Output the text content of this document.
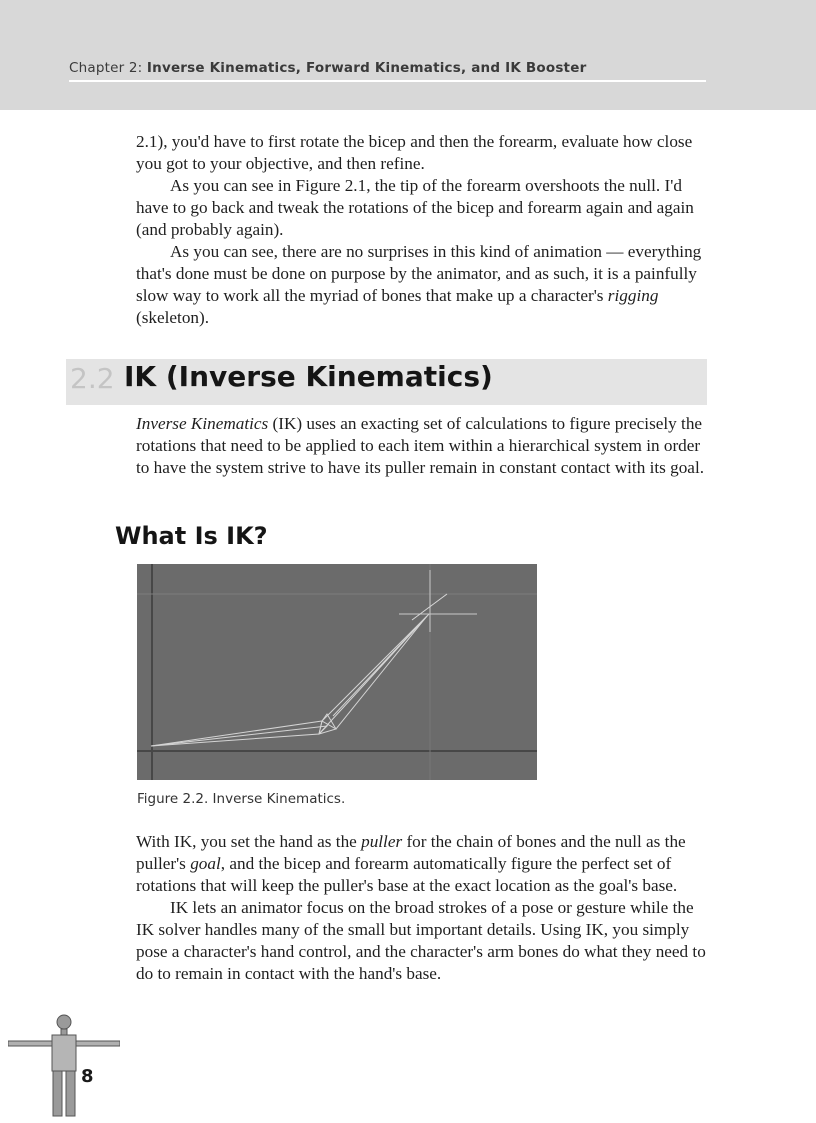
Chapter 2: Inverse Kinematics, Forward Kinematics, and IK Booster

2.1), you'd have to first rotate the bicep and then the forearm, evaluate how close you got to your objective, and then refine.

As you can see in Figure 2.1, the tip of the forearm overshoots the null. I'd have to go back and tweak the rotations of the bicep and forearm again and again (and probably again).

As you can see, there are no surprises in this kind of animation — everything that's done must be done on purpose by the animator, and as such, it is a painfully slow way to work all the myriad of bones that make up a character's rigging (skeleton).

2.2 IK (Inverse Kinematics)

Inverse Kinematics (IK) uses an exacting set of calculations to figure precisely the rotations that need to be applied to each item within a hierarchical system in order to have the system strive to have its puller remain in constant contact with its goal.

What Is IK?
Figure 2.2. Inverse Kinematics.

With IK, you set the hand as the puller for the chain of bones and the null as the puller's goal, and the bicep and forearm automatically figure the perfect set of rotations that will keep the puller's base at the exact location as the goal's base.

IK lets an animator focus on the broad strokes of a pose or gesture while the IK solver handles many of the small but important details. Using IK, you simply pose a character's hand control, and the character's arm bones do what they need to do to remain in contact with the hand's base.

8
